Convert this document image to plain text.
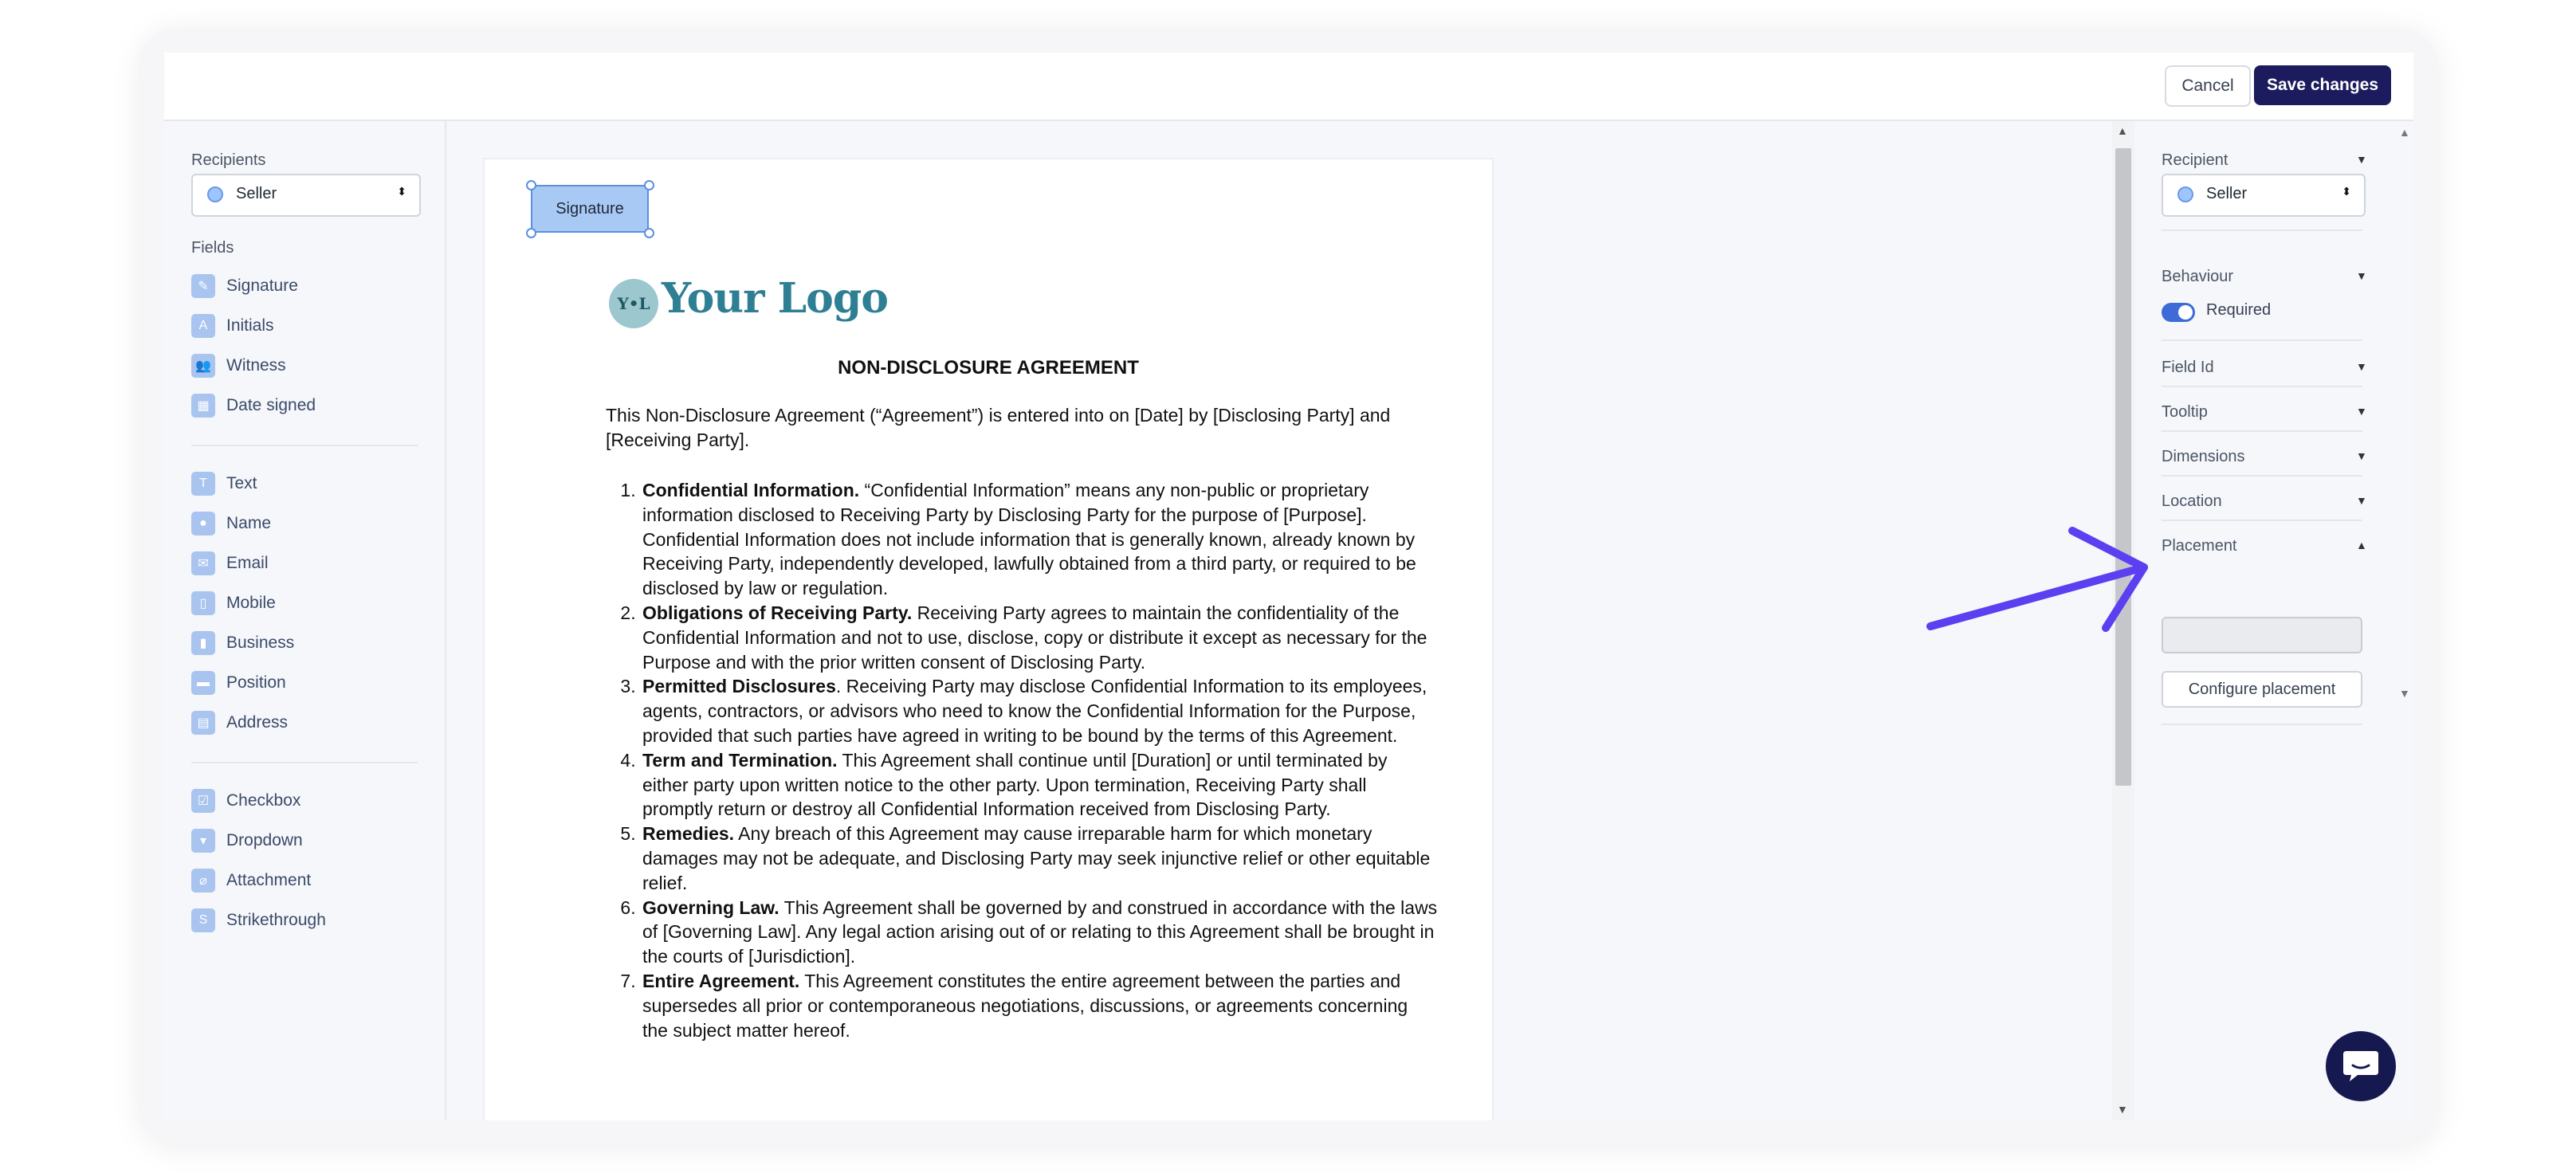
Cancel	Save changes
Recipients
Seller	⬍
Fields
✎	Signature
A	Initials
👥 Witness
▦	Date signed
T	Text
●	Name
✉	Email
▯	Mobile
▮	Business
▬	Position
▤	Address
☑	Checkbox
▾	Dropdown
⌀	Attachment
S	Strikethrough
Signature
Y•L Your Logo
NON-DISCLOSURE AGREEMENT
This Non-Disclosure Agreement (“Agreement”) is entered into on [Date] by [Disclosing Party] and [Receiving Party].
1. Confidential Information. “Confidential Information” means any non-public or proprietary information disclosed to Receiving Party by Disclosing Party for the purpose of [Purpose]. Confidential Information does not include information that is generally known, already known by Receiving Party, independently developed, lawfully obtained from a third party, or required to be disclosed by law or regulation.
2. Obligations of Receiving Party. Receiving Party agrees to maintain the confidentiality of the Confidential Information and not to use, disclose, copy or distribute it except as necessary for the Purpose and with the prior written consent of Disclosing Party.
3. Permitted Disclosures. Receiving Party may disclose Confidential Information to its employees, agents, contractors, or advisors who need to know the Confidential Information for the Purpose, provided that such parties have agreed in writing to be bound by the terms of this Agreement.
4. Term and Termination. This Agreement shall continue until [Duration] or until terminated by either party upon written notice to the other party. Upon termination, Receiving Party shall promptly return or destroy all Confidential Information received from Disclosing Party.
5. Remedies. Any breach of this Agreement may cause irreparable harm for which monetary damages may not be adequate, and Disclosing Party may seek injunctive relief or other equitable relief.
6. Governing Law. This Agreement shall be governed by and construed in accordance with the laws of [Governing Law]. Any legal action arising out of or relating to this Agreement shall be brought in the courts of [Jurisdiction].
7. Entire Agreement. This Agreement constitutes the entire agreement between the parties and supersedes all prior or contemporaneous negotiations, discussions, or agreements concerning the subject matter hereof.
▲
▼
Recipient	▼
Seller	⬍
Behaviour	▼
Required
Field Id	▼
Tooltip	▼
Dimensions	▼
Location	▼
Placement	▲
Configure placement
▲
▼
